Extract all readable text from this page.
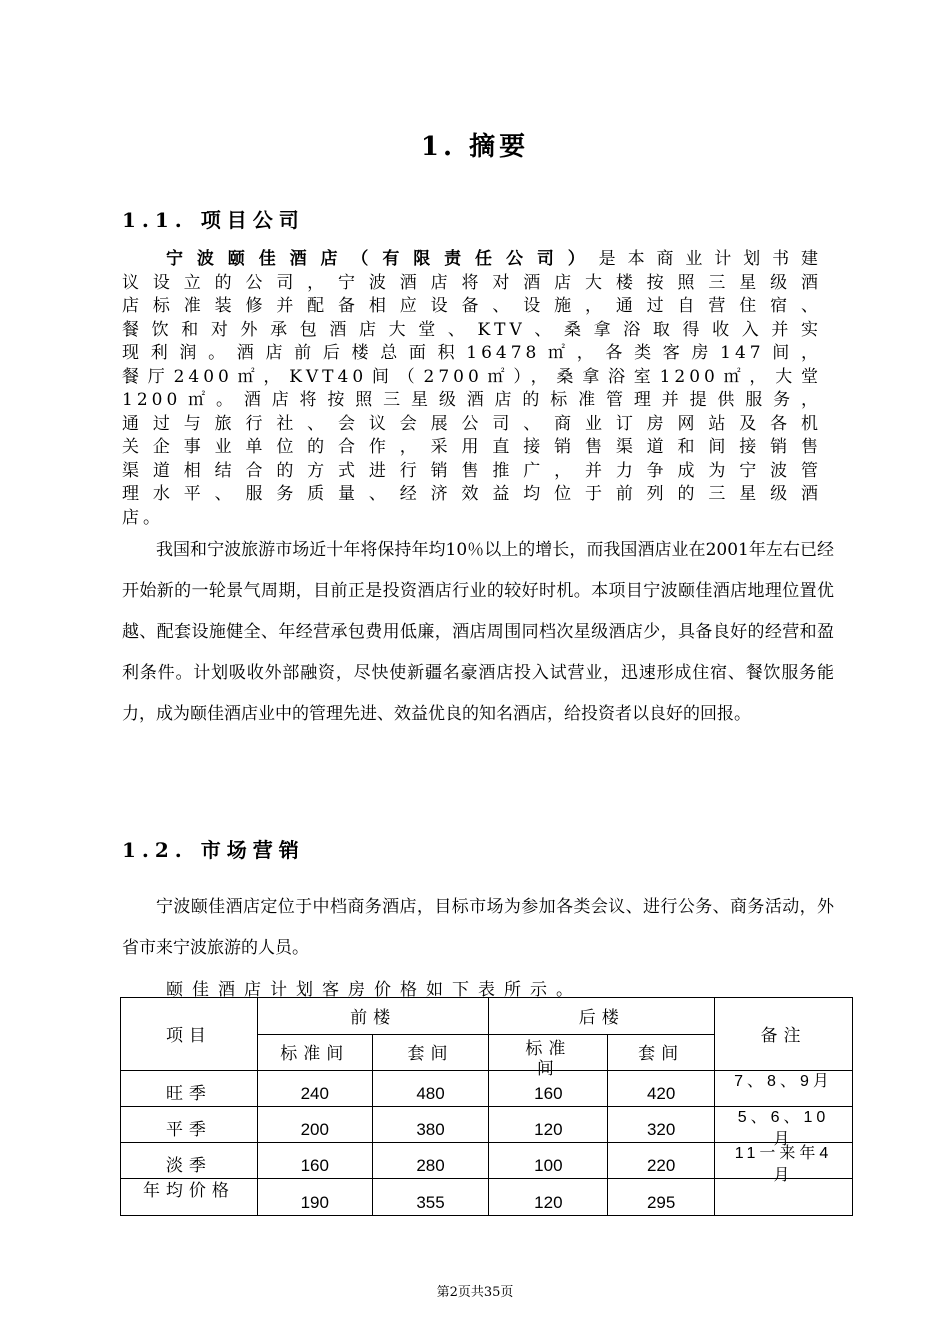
1. 摘要
1.1. 项目公司
宁波颐佳酒店（有限责任公司）是本商业计划书建
议设立的公司，宁波酒店将对酒店大楼按照三星级酒
店标准装修并配备相应设备、设施，通过自营住宿、
餐饮和对外承包酒店大堂、KTV、桑拿浴取得收入并实
现利润。酒店前后楼总面积16478㎡，各类客房147间，
餐厅2400㎡，KVT40间（2700㎡），桑拿浴室1200㎡，大堂
1200㎡。酒店将按照三星级酒店的标准管理并提供服务，
通过与旅行社、会议会展公司、商业订房网站及各机
关企事业单位的合作，采用直接销售渠道和间接销售
渠道相结合的方式进行销售推广，并力争成为宁波管
理水平、服务质量、经济效益均位于前列的三星级酒
店。
我国和宁波旅游市场近十年将保持年均10％以上的增长，而我国酒店业在2001年左右已经开始新的一轮景气周期，目前正是投资酒店行业的较好时机。本项目宁波颐佳酒店地理位置优越、配套设施健全、年经营承包费用低廉，酒店周围同档次星级酒店少，具备良好的经营和盈利条件。计划吸收外部融资，尽快使新疆名豪酒店投入试营业，迅速形成住宿、餐饮服务能力，成为颐佳酒店业中的管理先进、效益优良的知名酒店，给投资者以良好的回报。
1.2. 市场营销
宁波颐佳酒店定位于中档商务酒店，目标市场为参加各类会议、进行公务、商务活动，外省市来宁波旅游的人员。
颐佳酒店计划客房价格如下表所示。
项目	前楼		后楼		备注
	标准间	套间	标准间	套间	
旺季	240	480	160	420	7、8、9月

平季	200	380	120	320	5、6、10月

淡季	160	280	100	220	11一来年4月

年均价格	190	355	120	295	
第2页共35页
